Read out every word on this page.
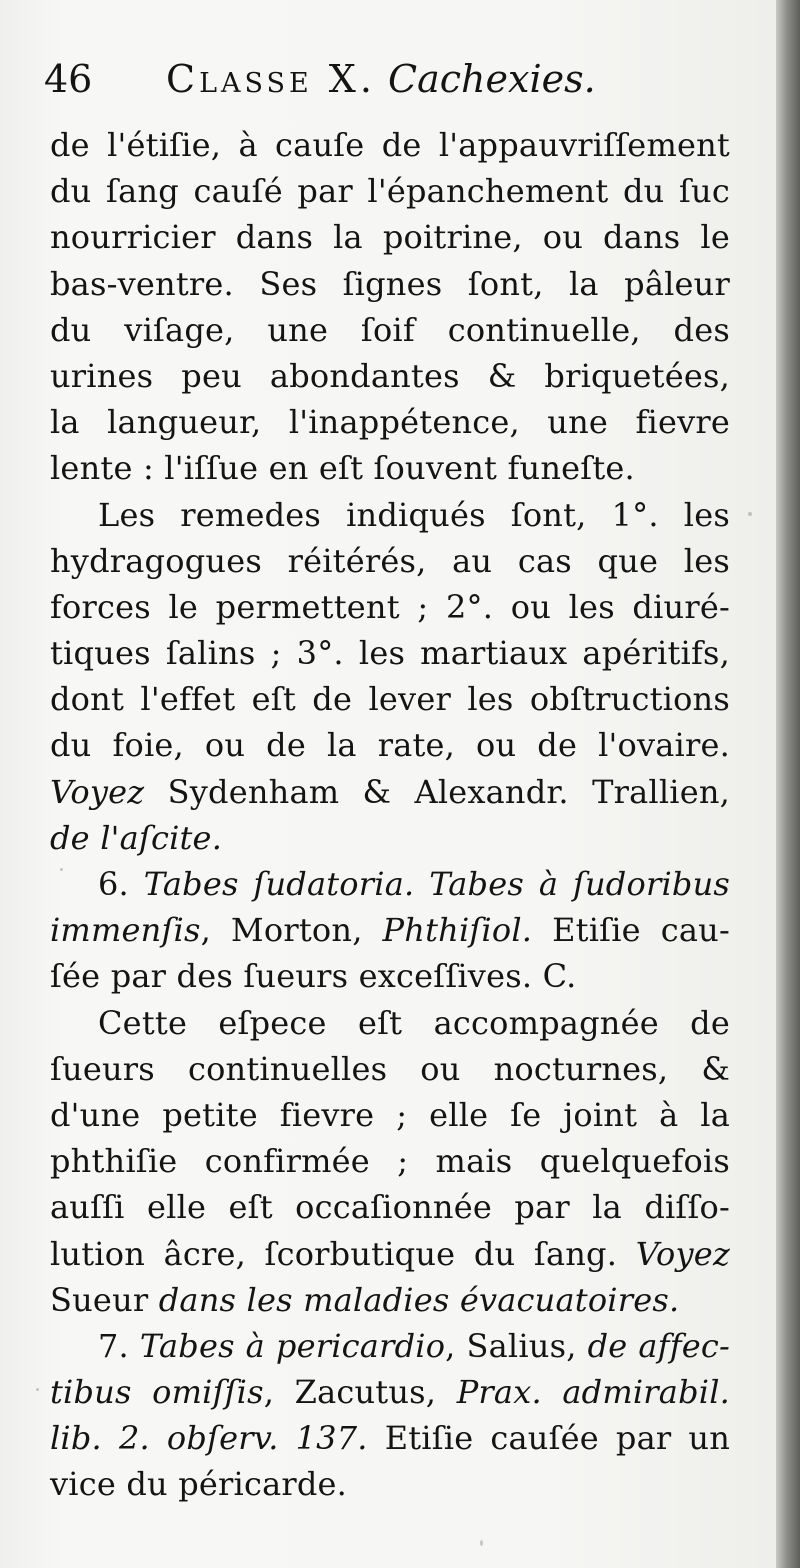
46 Classe X. Cachexies.
de l'étiſie, à cauſe de l'appauvriſſement
du ſang cauſé par l'épanchement du ſuc
nourricier dans la poitrine, ou dans le
bas-ventre. Ses ſignes ſont, la pâleur
du viſage, une ſoif continuelle, des
urines peu abondantes & briquetées,
la langueur, l'inappétence, une fievre
lente : l'iſſue en eſt ſouvent funeſte.
Les remedes indiqués ſont, 1°. les
hydragogues réitérés, au cas que les
forces le permettent ; 2°. ou les diuré-
tiques ſalins ; 3°. les martiaux apéritifs,
dont l'effet eſt de lever les obſtructions
du foie, ou de la rate, ou de l'ovaire.
Voyez Sydenham & Alexandr. Trallien,
de l'aſcite.
6. Tabes ſudatoria. Tabes à ſudoribus
immenſis, Morton, Phthiſiol. Etiſie cau-
ſée par des ſueurs exceſſives. C.
Cette eſpece eſt accompagnée de
ſueurs continuelles ou nocturnes, &
d'une petite fievre ; elle ſe joint à la
phthiſie confirmée ; mais quelquefois
auſſi elle eſt occaſionnée par la diſſo-
lution âcre, ſcorbutique du ſang. Voyez
Sueur dans les maladies évacuatoires.
7. Tabes à pericardio, Salius, de affec-
tibus omiſſis, Zacutus, Prax. admirabil.
lib. 2. obſerv. 137. Etiſie cauſée par un
vice du péricarde.
